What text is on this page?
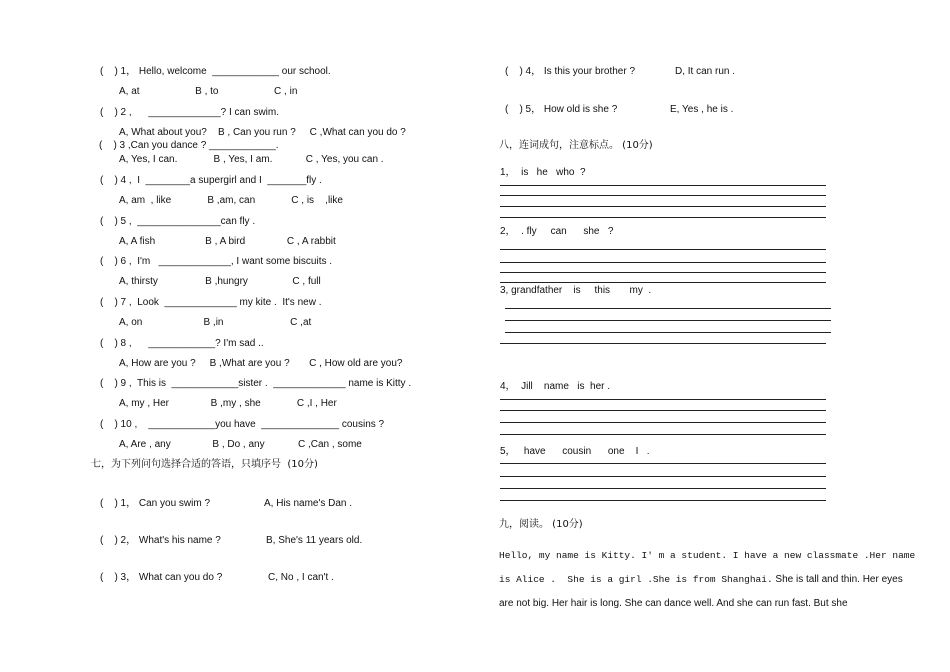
(    ) 1， Hello, welcome  ____________ our school.
A, at                    B , to                    C , in
(    ) 2 ,      _____________? I can swim.
A, What about you?    B , Can you run ?     C ,What can you do ?
(    ) 3 ,Can you dance ? ____________.
A, Yes, I can.             B , Yes, I am.            C , Yes, you can .
(    ) 4 ,  I  ________a supergirl and I  _______fly .
A, am  , like             B ,am, can             C , is    ,like
(    ) 5 ,  _______________can fly .
A, A fish                  B , A bird               C , A rabbit
(    ) 6 ,  I'm   _____________, I want some biscuits .
A, thirsty                 B ,hungry                C , full
(    ) 7 ,  Look  _____________ my kite .  It's new .
A, on                      B ,in                        C ,at
(    ) 8 ,      ____________? I'm sad ..
A, How are you ?     B ,What are you ?       C , How old are you?
(    ) 9 ,  This is  ____________sister .  _____________ name is Kitty .
A, my , Her               B ,my , she             C ,I , Her
(    ) 10 ,    ____________you have  ______________ cousins ?
A, Are , any               B , Do , any            C ,Can , some
七，为下列问句选择合适的答语，只填序号  (10分)
(    ) 1， Can you swim ?	A, His name's Dan .
(    ) 2， What's his name ?	B, She's 11 years old.
(    ) 3， What can you do ?	C, No , I can't .
(    ) 4， Is this your brother ?	D, It can run .
(    ) 5， How old is she ?	E, Yes , he is .
八，连词成句，注意标点。 (10分)
1，  is   he   who  ?
2，  . fly     can      she   ?
3, grandfather    is     this       my  .
4，  Jill    name   is  her .
5，   have      cousin      one    I   .
九，阅读。 (10分)
Hello, my name is Kitty. I' m a student. I have a new classmate .Her name
is Alice .  She is a girl .She is from Shanghai. She is tall and thin. Her eyes
are not big. Her hair is long. She can dance well. And she can run fast. But she
